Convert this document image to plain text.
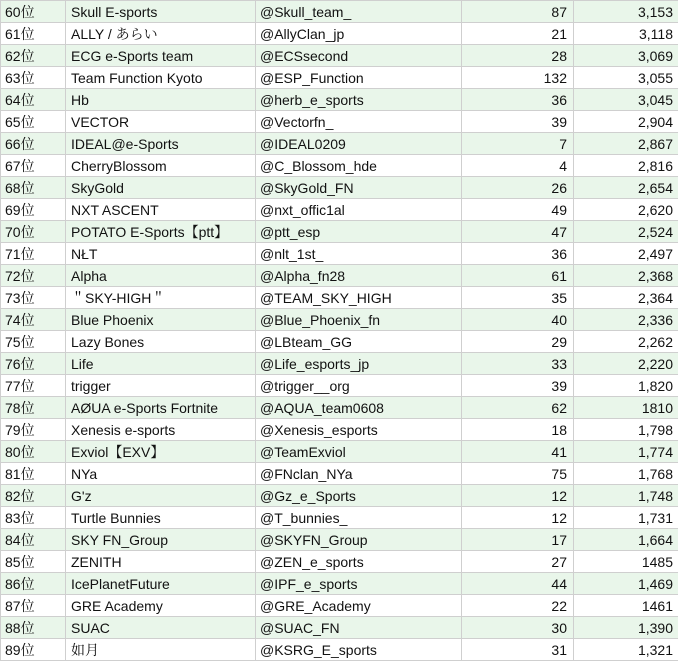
60位	Skull E-sports	@Skull_team_	87	3,153
61位	ALLY / あらい	@AllyClan_jp	21	3,118
62位	ECG e-Sports team	@ECSsecond	28	3,069
63位	Team Function Kyoto	@ESP_Function	132	3,055
64位	Hb	@herb_e_sports	36	3,045
65位	VECTOR	@Vectorfn_	39	2,904
66位	IDEAL@e-Sports	@IDEAL0209	7	2,867
67位	CherryBlossom	@C_Blossom_hde	4	2,816
68位	SkyGold	@SkyGold_FN	26	2,654
69位	NXT ASCENT	@nxt_offic1al	49	2,620
70位	POTATO E-Sports【ptt】	@ptt_esp	47	2,524
71位	NŁT	@nlt_1st_	36	2,497
72位	Alpha	@Alpha_fn28	61	2,368
73位	＂SKY-HIGH＂	@TEAM_SKY_HIGH	35	2,364
74位	Blue Phoenix	@Blue_Phoenix_fn	40	2,336
75位	Lazy Bones	@LBteam_GG	29	2,262
76位	Life	@Life_esports_jp	33	2,220
77位	trigger	@trigger__org	39	1,820
78位	AØUA e-Sports Fortnite	@AQUA_team0608	62	1810
79位	Xenesis e-sports	@Xenesis_esports	18	1,798
80位	Exviol【EXV】	@TeamExviol	41	1,774
81位	NYa	@FNclan_NYa	75	1,768
82位	G'z	@Gz_e_Sports	12	1,748
83位	Turtle Bunnies	@T_bunnies_	12	1,731
84位	SKY FN_Group	@SKYFN_Group	17	1,664
85位	ZENITH	@ZEN_e_sports	27	1485
86位	IcePlanetFuture	@IPF_e_sports	44	1,469
87位	GRE Academy	@GRE_Academy	22	1461
88位	SUAC	@SUAC_FN	30	1,390
89位	如月	@KSRG_E_sports	31	1,321
